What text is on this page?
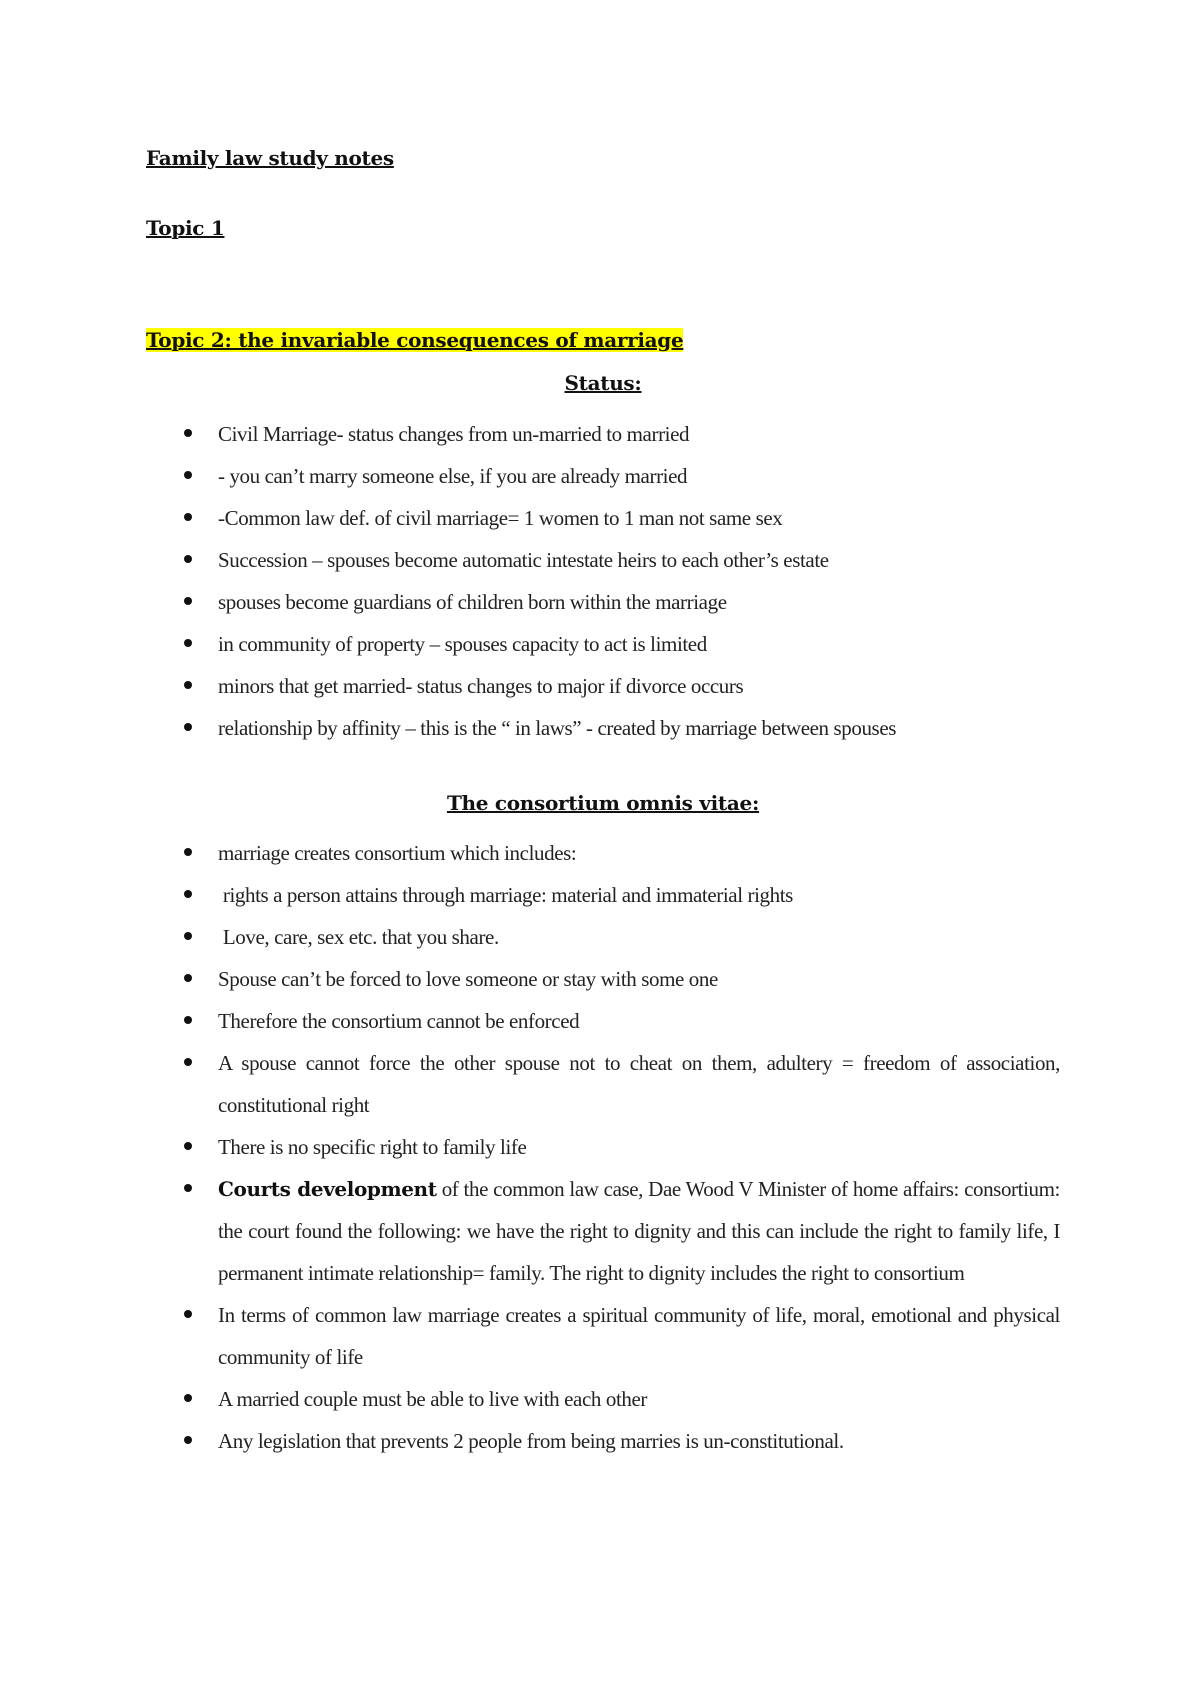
Family law study notes
Topic 1
Topic 2: the invariable consequences of marriage
Status:
Civil Marriage- status changes from un-married to married
- you can’t marry someone else, if you are already married
-Common law def. of civil marriage= 1 women to 1 man not same sex
Succession – spouses become automatic intestate heirs to each other’s estate
spouses become guardians of children born within the marriage
in community of property – spouses capacity to act is limited
minors that get married- status changes to major if divorce occurs
relationship by affinity – this is the “ in laws” - created by marriage between spouses
The consortium omnis vitae:
marriage creates consortium which includes:
rights a person attains through marriage: material and immaterial rights
Love, care, sex etc. that you share.
Spouse can’t be forced to love someone or stay with some one
Therefore the consortium cannot be enforced
A spouse cannot force the other spouse not to cheat on them, adultery = freedom of association, constitutional right
There is no specific right to family life
Courts development of the common law case, Dae Wood V Minister of home affairs: consortium: the court found the following: we have the right to dignity and this can include the right to family life, I permanent intimate relationship= family. The right to dignity includes the right to consortium
In terms of common law marriage creates a spiritual community of life, moral, emotional and physical community of life
A married couple must be able to live with each other
Any legislation that prevents 2 people from being marries is un-constitutional.
